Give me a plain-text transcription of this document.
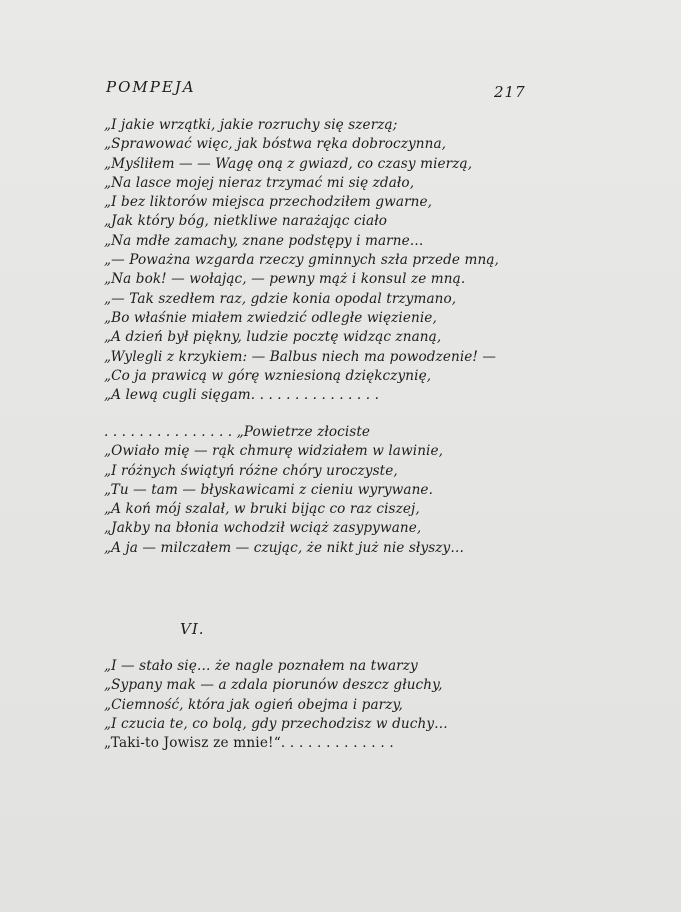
POMPEJA	217
„I jakie wrzątki, jakie rozruchy się szerzą;
„Sprawować więc, jak bóstwa ręka dobroczynna,
„Myśliłem — — Wagę oną z gwiazd, co czasy mierzą,
„Na lasce mojej nieraz trzymać mi się zdało,
„I bez liktorów miejsca przechodziłem gwarne,
„Jak który bóg, nietkliwe narażając ciało
„Na mdłe zamachy, znane podstępy i marne…
„— Poważna wzgarda rzeczy gminnych szła przede mną,
„Na bok! — wołając, — pewny mąż i konsul ze mną.
„— Tak szedłem raz, gdzie konia opodal trzymano,
„Bo właśnie miałem zwiedzić odległe więzienie,
„A dzień był piękny, ludzie pocztę widząc znaną,
„Wylegli z krzykiem: — Balbus niech ma powodzenie! —
„Co ja prawicą w górę wzniesioną dziękczynię,
„A lewą cugli sięgam. . . . . . . . . . . . . . .
. . . . . . . . . . . . . . . „Powietrze złociste
„Owiało mię — rąk chmurę widziałem w lawinie,
„I różnych świątyń różne chóry uroczyste,
„Tu — tam — błyskawicami z cieniu wyrywane.
„A koń mój szalał, w bruki bijąc co raz ciszej,
„Jakby na błonia wchodził wciąż zasypywane,
„A ja — milczałem — czując, że nikt już nie słyszy…
VI.
„I — stało się… że nagle poznałem na twarzy
„Sypany mak — a zdala piorunów deszcz głuchy,
„Ciemność, która jak ogień obejma i parzy,
„I czucia te, co bolą, gdy przechodzisz w duchy…
„Taki-to Jowisz ze mnie!“. . . . . . . . . . . . .
